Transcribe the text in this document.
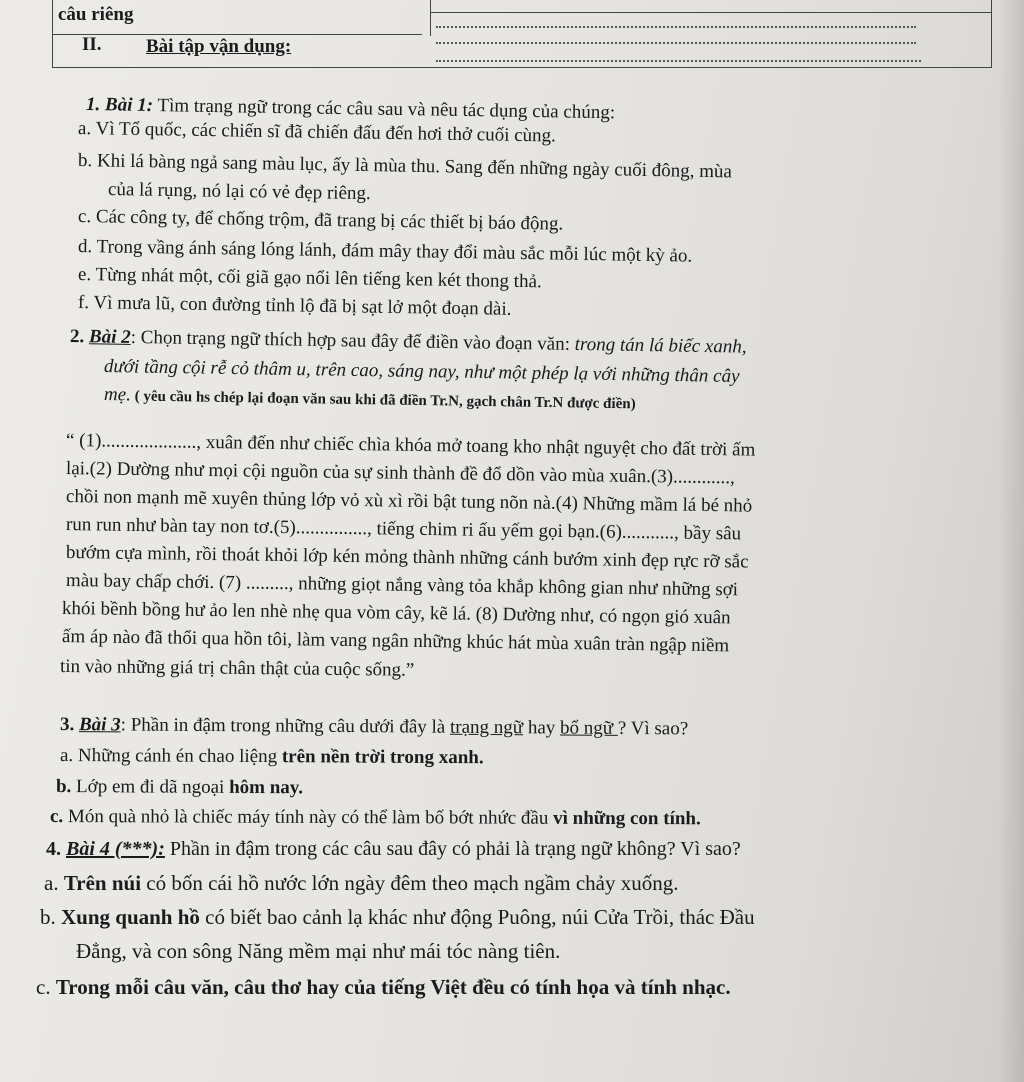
câu riêng
II. Bài tập vận dụng:
1. Bài 1: Tìm trạng ngữ trong các câu sau và nêu tác dụng của chúng:
a. Vì Tổ quốc, các chiến sĩ đã chiến đấu đến hơi thở cuối cùng.
b. Khi lá bàng ngả sang màu lục, ấy là mùa thu. Sang đến những ngày cuối đông, mùa
của lá rụng, nó lại có vẻ đẹp riêng.
c. Các công ty, để chống trộm, đã trang bị các thiết bị báo động.
d. Trong vầng ánh sáng lóng lánh, đám mây thay đổi màu sắc mỗi lúc một kỳ ảo.
e. Từng nhát một, cối giã gạo nổi lên tiếng ken két thong thả.
f. Vì mưa lũ, con đường tỉnh lộ đã bị sạt lở một đoạn dài.
2. Bài 2: Chọn trạng ngữ thích hợp sau đây để điền vào đoạn văn: trong tán lá biếc xanh,
dưới tầng cội rễ cỏ thâm u, trên cao, sáng nay, như một phép lạ với những thân cây
mẹ. ( yêu cầu hs chép lại đoạn văn sau khi đã điền Tr.N, gạch chân Tr.N được điền)
“ (1)...................., xuân đến như chiếc chìa khóa mở toang kho nhật nguyệt cho đất trời ấm
lại.(2) Dường như mọi cội nguồn của sự sinh thành đề đổ dồn vào mùa xuân.(3)............,
chồi non mạnh mẽ xuyên thủng lớp vỏ xù xì rồi bật tung nõn nà.(4) Những mầm lá bé nhỏ
run run như bàn tay non tơ.(5)..............., tiếng chim ri ấu yếm gọi bạn.(6)..........., bầy sâu
bướm cựa mình, rồi thoát khỏi lớp kén mỏng thành những cánh bướm xinh đẹp rực rỡ sắc
màu bay chấp chới. (7) ........., những giọt nắng vàng tỏa khắp không gian như những sợi
khói bềnh bồng hư ảo len nhè nhẹ qua vòm cây, kẽ lá. (8) Dường như, có ngọn gió xuân
ấm áp nào đã thổi qua hồn tôi, làm vang ngân những khúc hát mùa xuân tràn ngập niềm
tin vào những giá trị chân thật của cuộc sống.”
3. Bài 3: Phần in đậm trong những câu dưới đây là trạng ngữ hay bổ ngữ ? Vì sao?
a. Những cánh én chao liệng trên nền trời trong xanh.
b. Lớp em đi dã ngoại hôm nay.
c. Món quà nhỏ là chiếc máy tính này có thể làm bố bớt nhức đầu vì những con tính.
4. Bài 4 (***): Phần in đậm trong các câu sau đây có phải là trạng ngữ không? Vì sao?
a. Trên núi có bốn cái hồ nước lớn ngày đêm theo mạch ngầm chảy xuống.
b. Xung quanh hồ có biết bao cảnh lạ khác như động Puông, núi Cửa Trồi, thác Đầu
Đẳng, và con sông Năng mềm mại như mái tóc nàng tiên.
c. Trong mỗi câu văn, câu thơ hay của tiếng Việt đều có tính họa và tính nhạc.
